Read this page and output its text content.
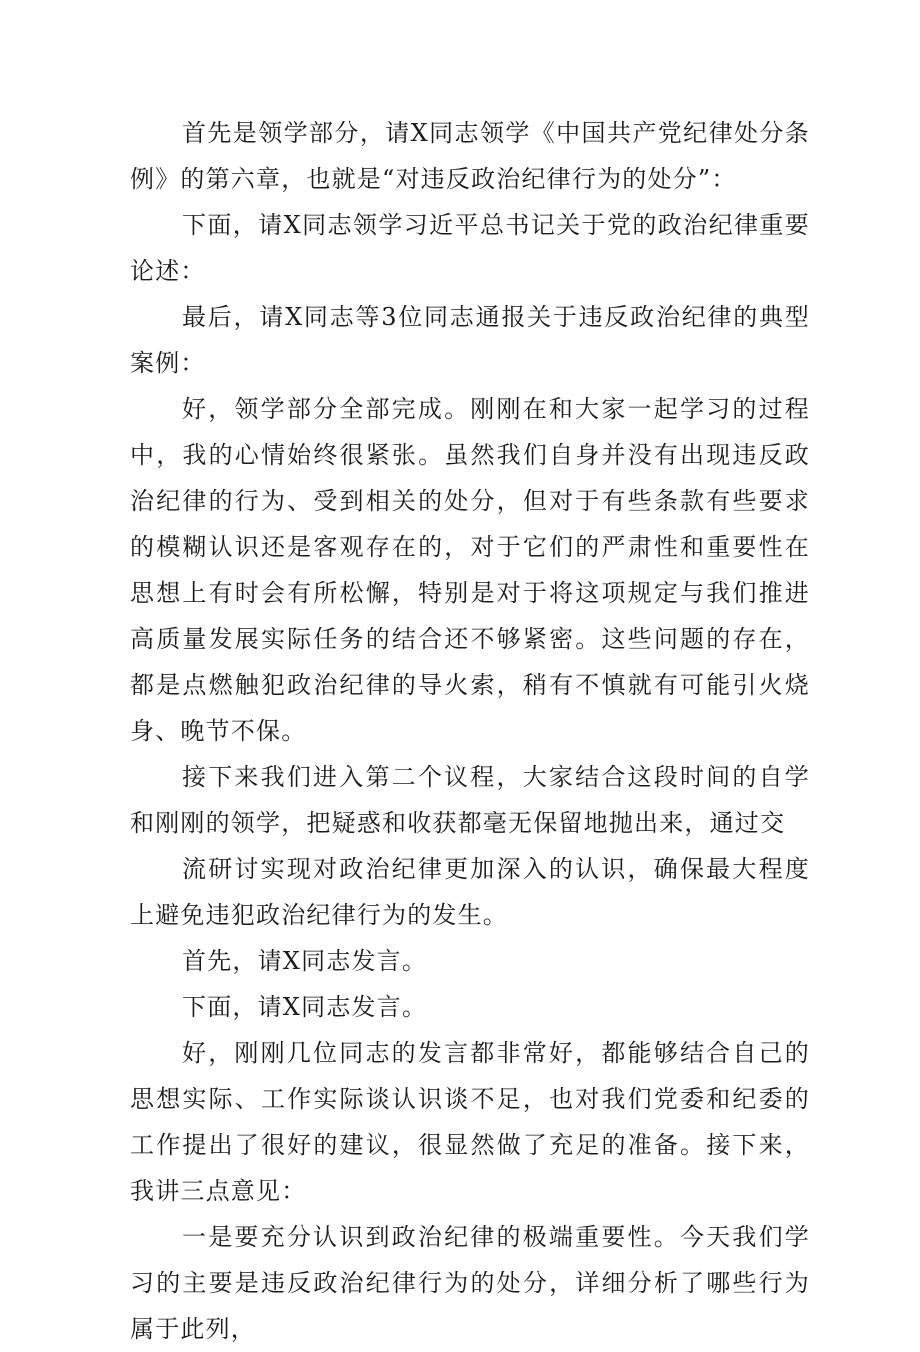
首先是领学部分，请X同志领学《中国共产党纪律处分条例》的第六章，也就是“对违反政治纪律行为的处分”：

下面，请X同志领学习近平总书记关于党的政治纪律重要论述：

最后，请X同志等3位同志通报关于违反政治纪律的典型案例：

好，领学部分全部完成。刚刚在和大家一起学习的过程中，我的心情始终很紧张。虽然我们自身并没有出现违反政治纪律的行为、受到相关的处分，但对于有些条款有些要求的模糊认识还是客观存在的，对于它们的严肃性和重要性在思想上有时会有所松懈，特别是对于将这项规定与我们推进高质量发展实际任务的结合还不够紧密。这些问题的存在，都是点燃触犯政治纪律的导火索，稍有不慎就有可能引火烧身、晚节不保。

接下来我们进入第二个议程，大家结合这段时间的自学和刚刚的领学，把疑惑和收获都毫无保留地抛出来，通过交

流研讨实现对政治纪律更加深入的认识，确保最大程度上避免违犯政治纪律行为的发生。

首先，请X同志发言。

下面，请X同志发言。

好，刚刚几位同志的发言都非常好，都能够结合自己的思想实际、工作实际谈认识谈不足，也对我们党委和纪委的工作提出了很好的建议，很显然做了充足的准备。接下来，我讲三点意见：

一是要充分认识到政治纪律的极端重要性。今天我们学习的主要是违反政治纪律行为的处分，详细分析了哪些行为属于此列，
